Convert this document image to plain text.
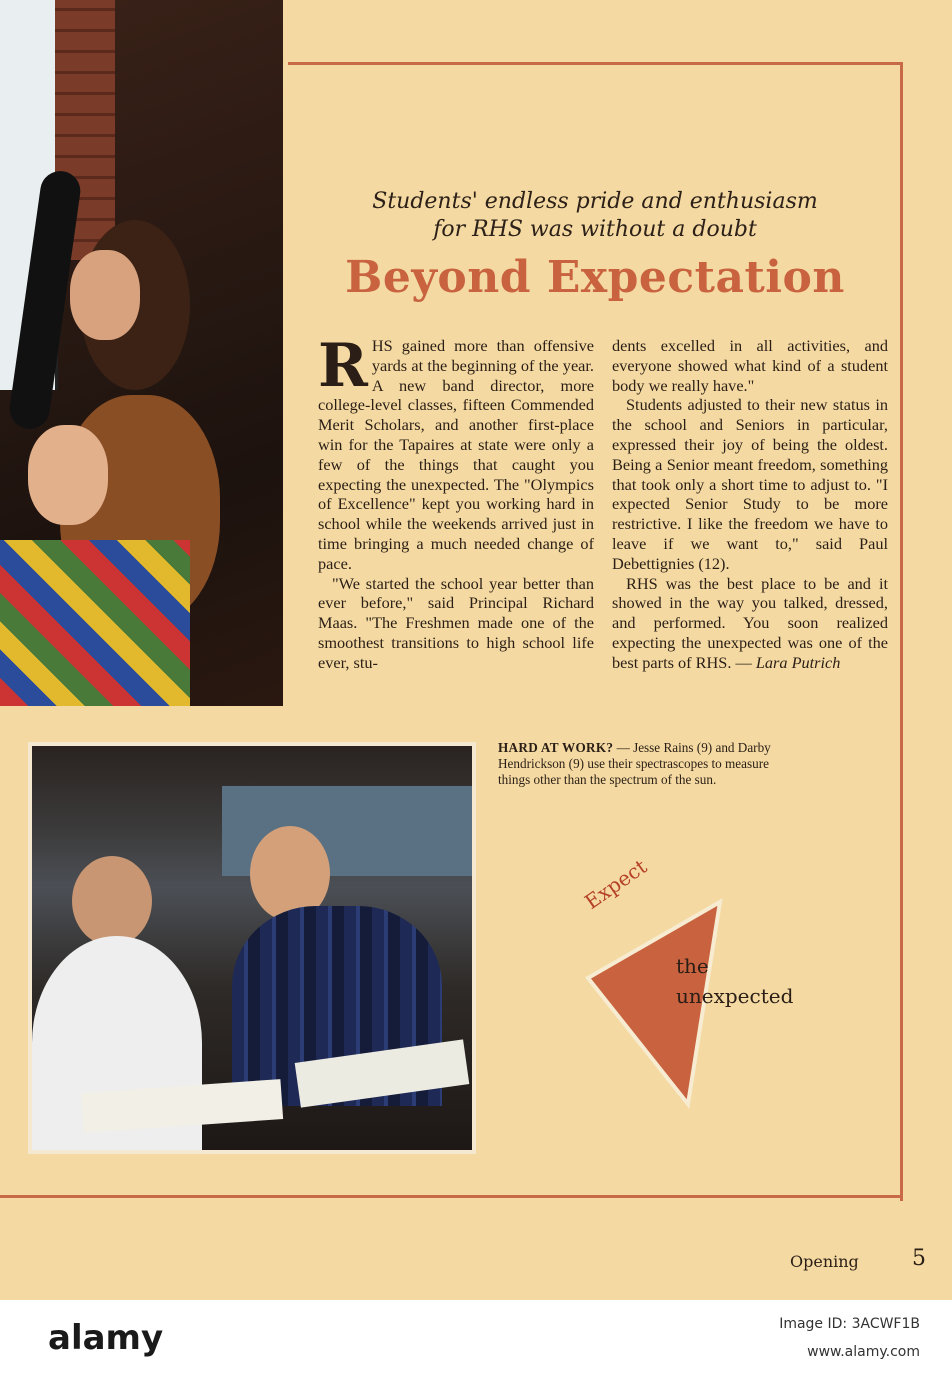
Students' endless pride and enthusiasm
for RHS was without a doubt
Beyond Expectation

RHS gained more than offensive yards at the beginning of the year. A new band director, more college-level classes, fifteen Commended Merit Scholars, and another first-place win for the Tapaires at state were only a few of the things that caught you expecting the unexpected. The "Olympics of Excellence" kept you working hard in school while the weekends arrived just in time bringing a much needed change of pace.

"We started the school year better than ever before," said Principal Richard Maas. "The Freshmen made one of the smoothest transitions to high school life ever, stu-

dents excelled in all activities, and everyone showed what kind of a student body we really have."

Students adjusted to their new status in the school and Seniors in particular, expressed their joy of being the oldest. Being a Senior meant freedom, something that took only a short time to adjust to. "I expected Senior Study to be more restrictive. I like the freedom we have to leave if we want to," said Paul Debettignies (12).

RHS was the best place to be and it showed in the way you talked, dressed, and performed. You soon realized expecting the unexpected was one of the best parts of RHS. — Lara Putrich

HARD AT WORK? — Jesse Rains (9) and Darby Hendrickson (9) use their spectrascopes to measure things other than the spectrum of the sun.
Expect
the
unexpected
Opening 5
alamy	Image ID: 3ACWF1B
www.alamy.com
